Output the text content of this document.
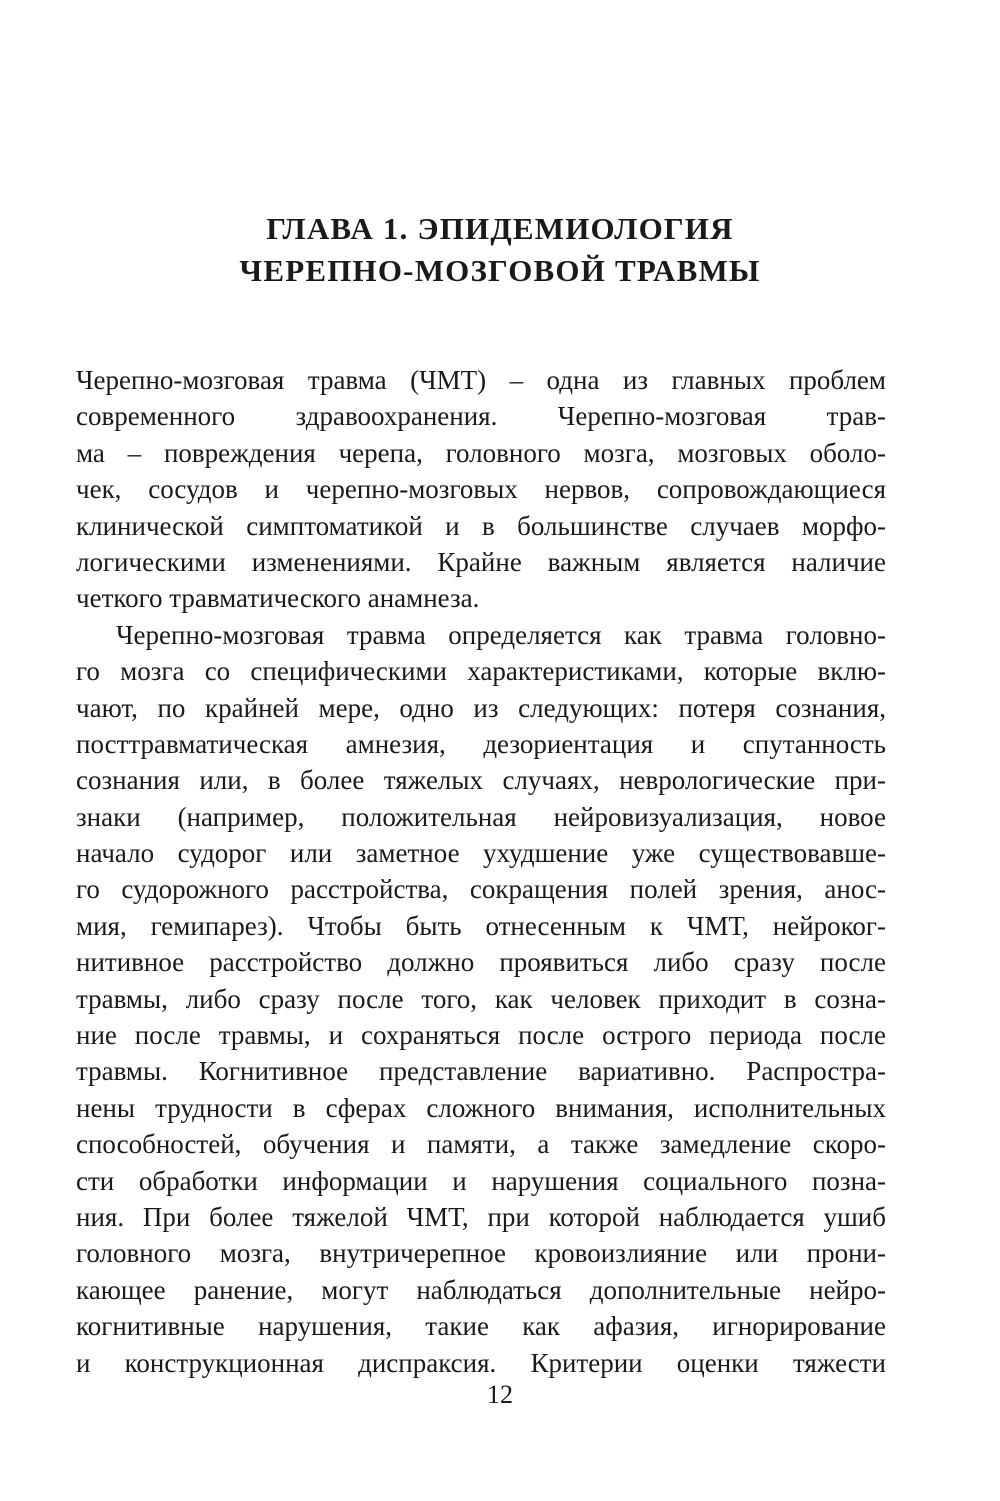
ГЛАВА 1. ЭПИДЕМИОЛОГИЯ
ЧЕРЕПНО-МОЗГОВОЙ ТРАВМЫ
Черепно-мозговая травма (ЧМТ) – одна из главных проблем
современного здравоохранения. Черепно-мозговая трав-
ма – повреждения черепа, головного мозга, мозговых оболо-
чек, сосудов и черепно-мозговых нервов, сопровождающиеся
клинической симптоматикой и в большинстве случаев морфо-
логическими изменениями. Крайне важным является наличие
четкого травматического анамнеза.
Черепно-мозговая травма определяется как травма головно-
го мозга со специфическими характеристиками, которые вклю-
чают, по крайней мере, одно из следующих: потеря сознания,
посттравматическая амнезия, дезориентация и спутанность
сознания или, в более тяжелых случаях, неврологические при-
знаки (например, положительная нейровизуализация, новое
начало судорог или заметное ухудшение уже существовавше-
го судорожного расстройства, сокращения полей зрения, анос-
мия, гемипарез). Чтобы быть отнесенным к ЧМТ, нейроког-
нитивное расстройство должно проявиться либо сразу после
травмы, либо сразу после того, как человек приходит в созна-
ние после травмы, и сохраняться после острого периода после
травмы. Когнитивное представление вариативно. Распростра-
нены трудности в сферах сложного внимания, исполнительных
способностей, обучения и памяти, а также замедление скоро-
сти обработки информации и нарушения социального позна-
ния. При более тяжелой ЧМТ, при которой наблюдается ушиб
головного мозга, внутричерепное кровоизлияние или прони-
кающее ранение, могут наблюдаться дополнительные нейро-
когнитивные нарушения, такие как афазия, игнорирование
и конструкционная диспраксия. Критерии оценки тяжести
12
